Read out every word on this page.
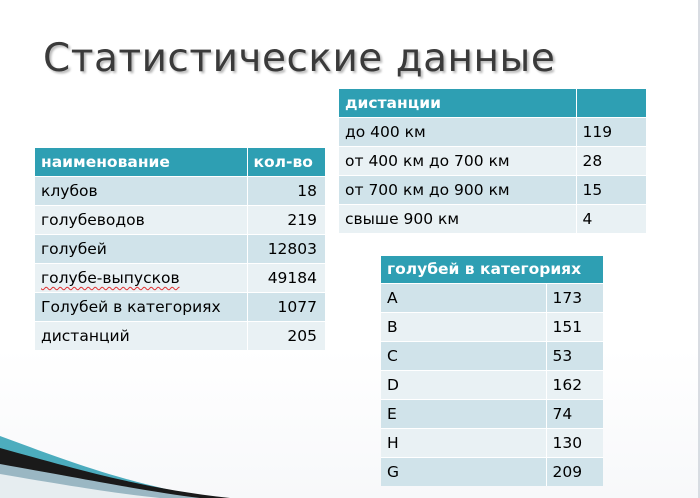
Статистические данные
наименование	кол-во
клубов	18
голубеводов	219
голубей	12803
голубе-выпусков	49184
Голубей в категориях	1077
дистанций	205
дистанции	
до 400 км	119
от 400 км до 700 км	28
от 700 км до 900 км	15
свыше 900 км	4
голубей в категориях	
A	173
B	151
C	53
D	162
E	74
H	130
G	209
